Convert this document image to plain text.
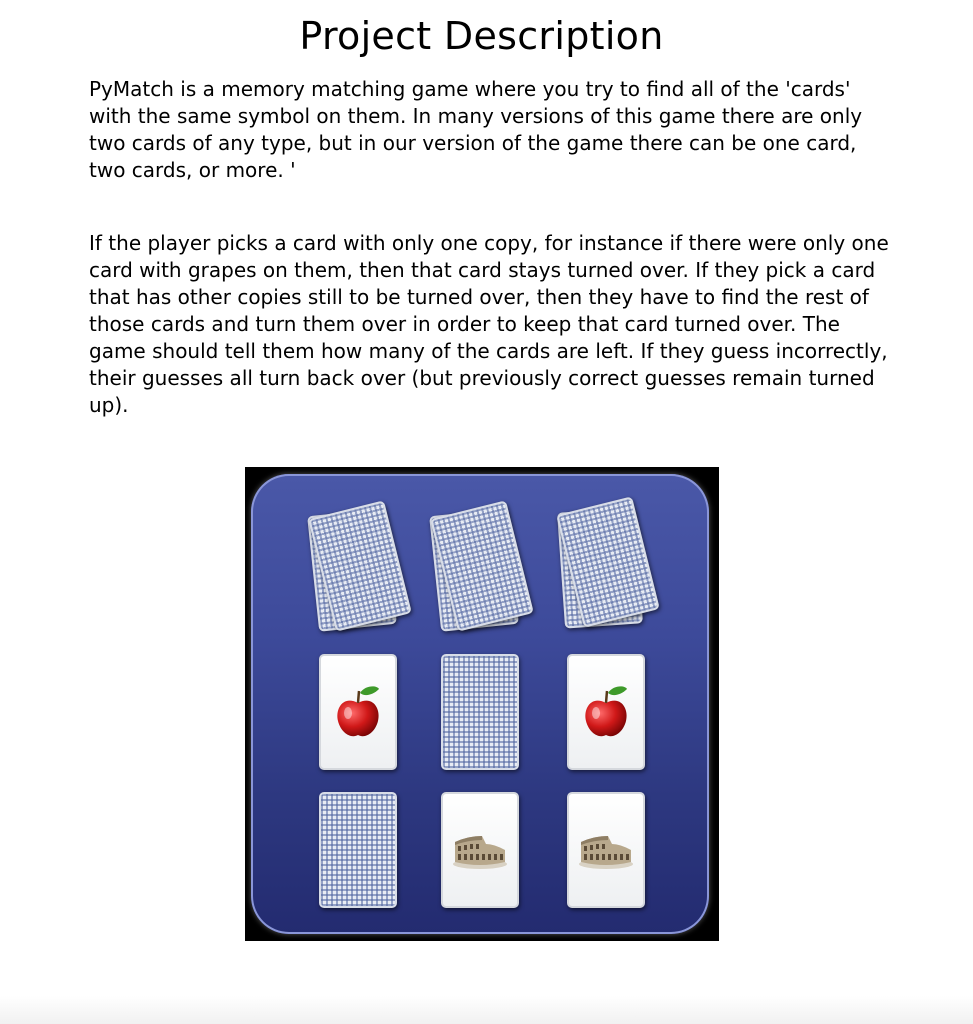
Project Description

PyMatch is a memory matching game where you try to find all of the 'cards' with the same symbol on them. In many versions of this game there are only two cards of any type, but in our version of the game there can be one card, two cards, or more. '

If the player picks a card with only one copy, for instance if there were only one card with grapes on them, then that card stays turned over. If they pick a card that has other copies still to be turned over, then they have to find the rest of those cards and turn them over in order to keep that card turned over. The game should tell them how many of the cards are left. If they guess incorrectly, their guesses all turn back over (but previously correct guesses remain turned up).
